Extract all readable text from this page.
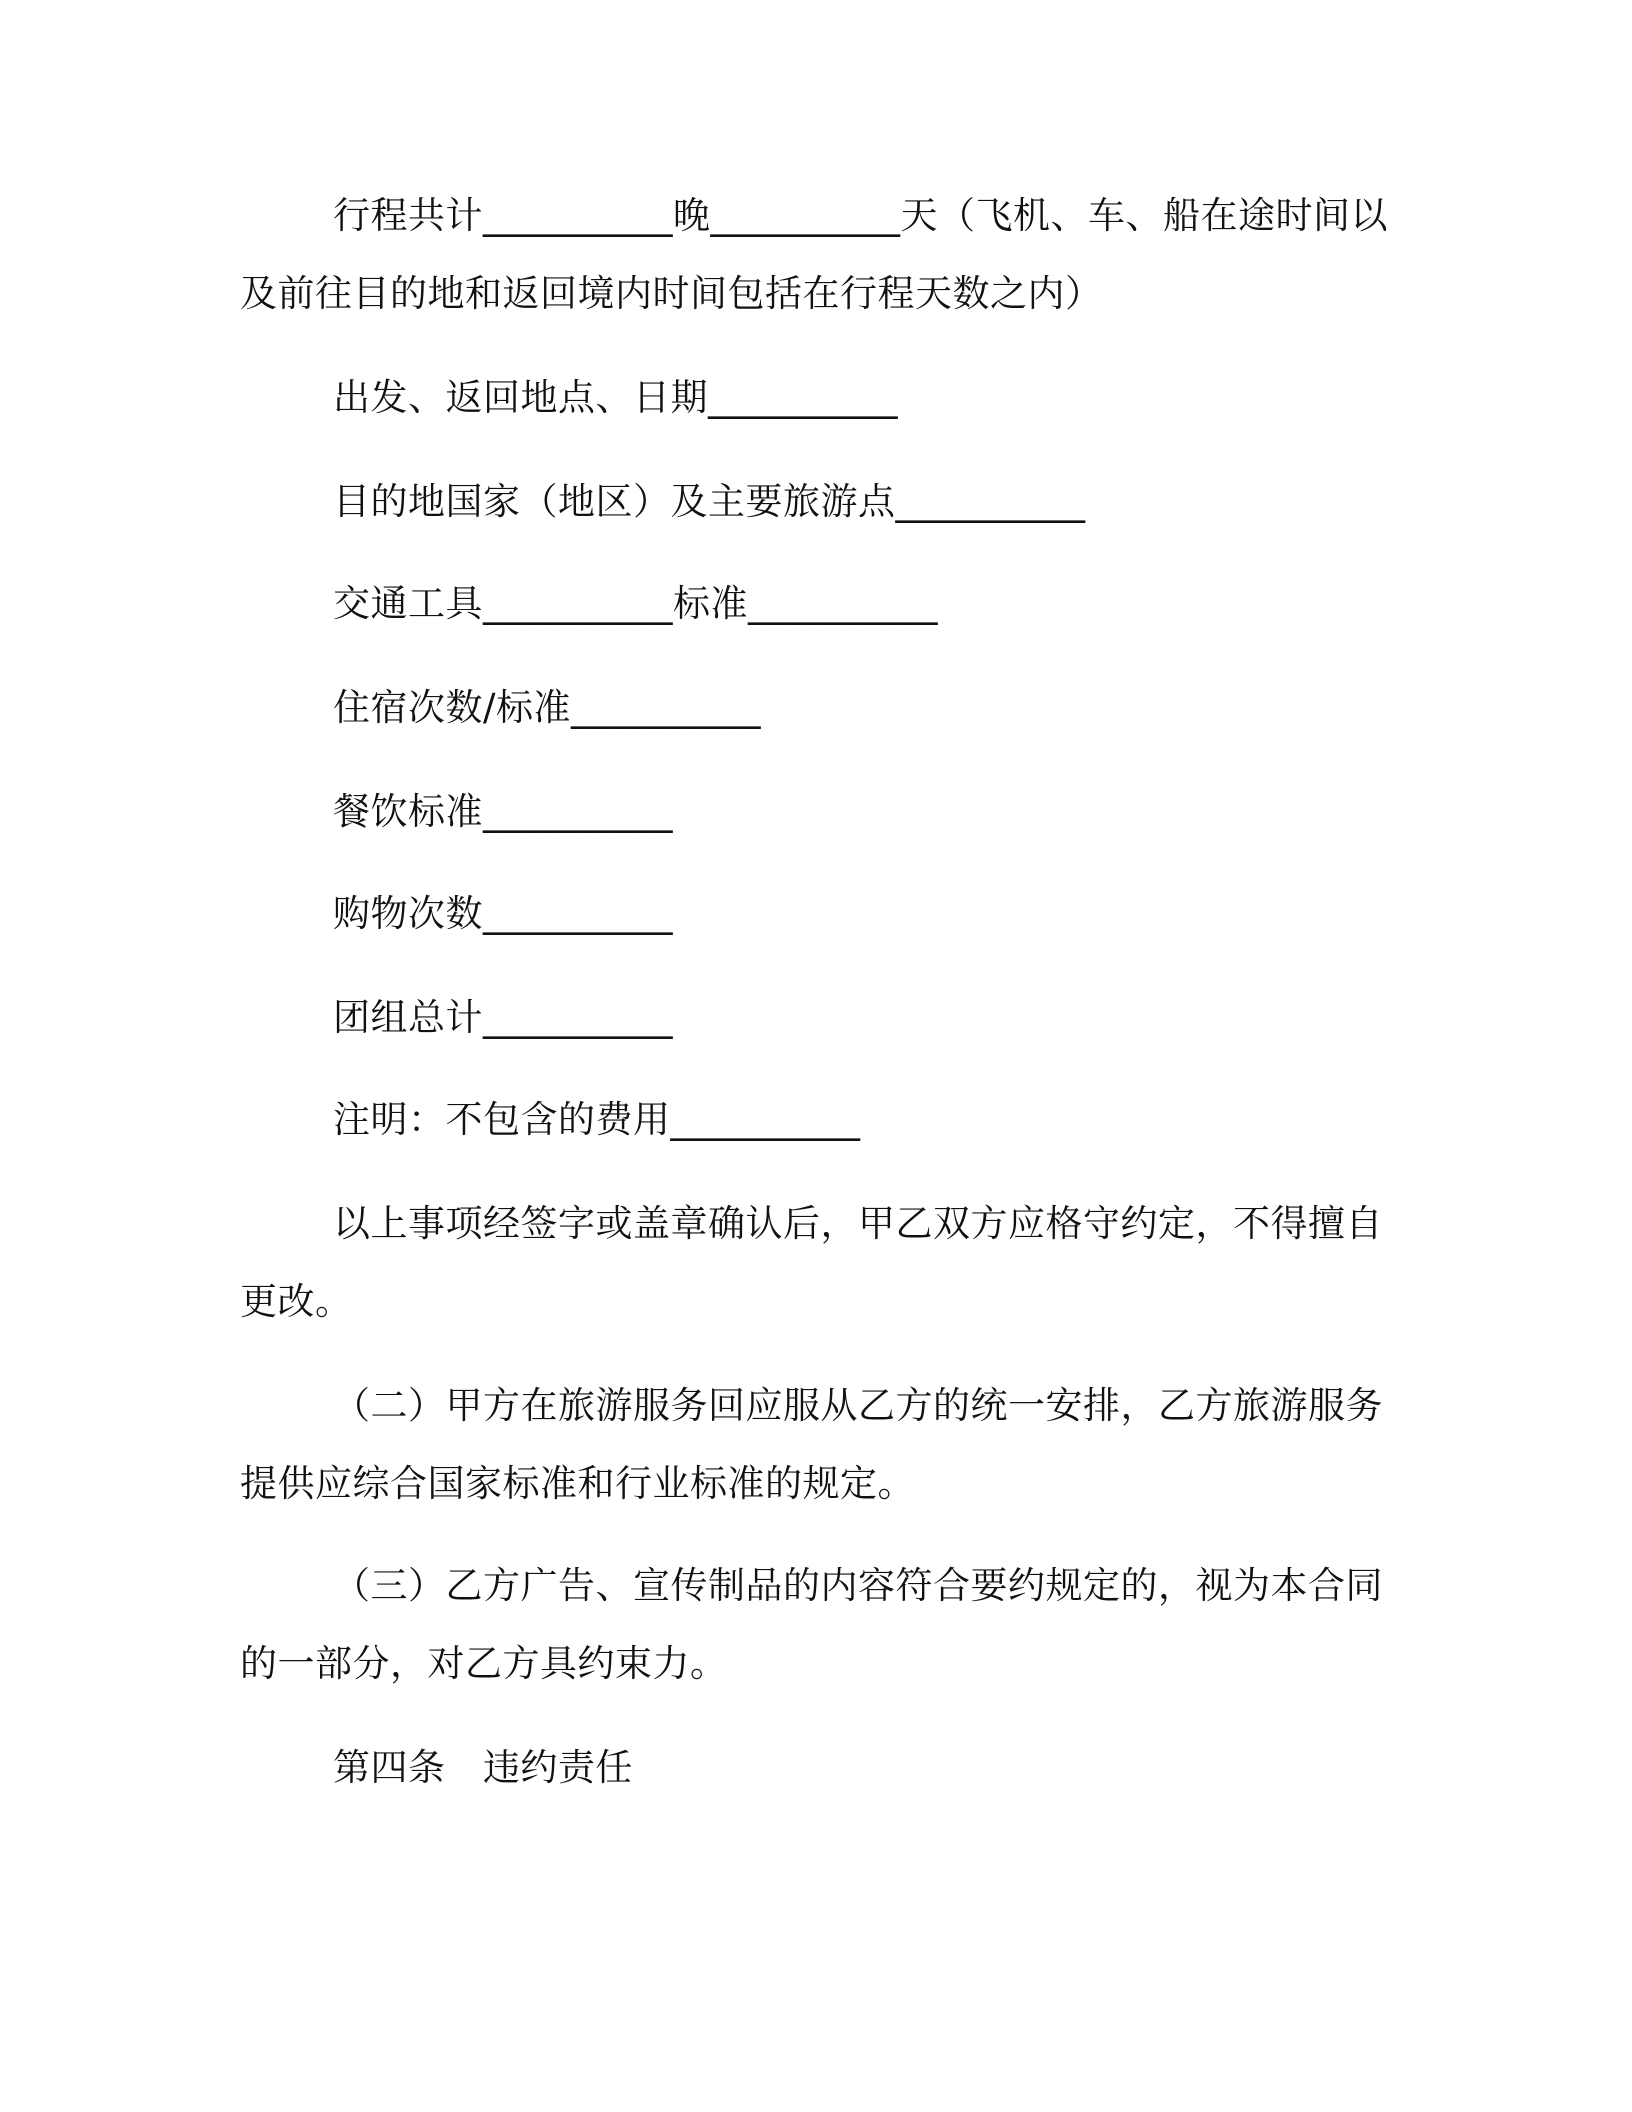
行程共计__________晚__________天（飞机、车、船在途时间以
及前往目的地和返回境内时间包括在行程天数之内）
出发、返回地点、日期__________
目的地国家（地区）及主要旅游点__________
交通工具__________标准__________
住宿次数/标准__________
餐饮标准__________
购物次数__________
团组总计__________
注明：不包含的费用__________
以上事项经签字或盖章确认后，甲乙双方应格守约定，不得擅自
更改。
（二）甲方在旅游服务回应服从乙方的统一安排，乙方旅游服务
提供应综合国家标准和行业标准的规定。
（三）乙方广告、宣传制品的内容符合要约规定的，视为本合同
的一部分，对乙方具约束力。
第四条　违约责任
